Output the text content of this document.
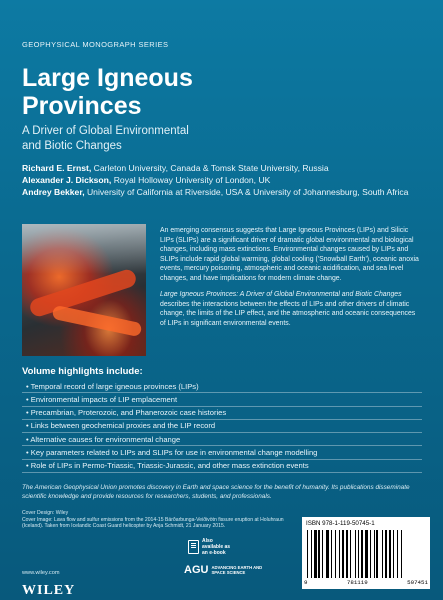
GEOPHYSICAL MONOGRAPH SERIES
Large Igneous
Provinces
A Driver of Global Environmental
and Biotic Changes
Richard E. Ernst, Carleton University, Canada & Tomsk State University, Russia
Alexander J. Dickson, Royal Holloway University of London, UK
Andrey Bekker, University of California at Riverside, USA & University of Johannesburg, South Africa

An emerging consensus suggests that Large Igneous Provinces (LIPs) and Silicic LIPs (SLIPs) are a significant driver of dramatic global environmental and biological changes, including mass extinctions. Environmental changes caused by LIPs and SLIPs include rapid global warming, global cooling ('Snowball Earth'), oceanic anoxia events, mercury poisoning, atmospheric and oceanic acidification, and sea level changes, and have implications for modern climate change.

Large Igneous Provinces: A Driver of Global Environmental and Biotic Changes describes the interactions between the effects of LIPs and other drivers of climatic change, the limits of the LIP effect, and the atmospheric and oceanic consequences of LIPs in significant environmental events.

Volume highlights include:
• Temporal record of large igneous provinces (LIPs)
• Environmental impacts of LIP emplacement
• Precambrian, Proterozoic, and Phanerozoic case histories
• Links between geochemical proxies and the LIP record
• Alternative causes for environmental change
• Key parameters related to LIPs and SLIPs for use in environmental change modelling
• Role of LIPs in Permo-Triassic, Triassic-Jurassic, and other mass extinction events
The American Geophysical Union promotes discovery in Earth and space science for the benefit of humanity. Its publications disseminate scientific knowledge and provide resources for researchers, students, and professionals.
Cover Design: Wiley
Cover Image: Lava flow and sulfur emissions from the 2014-15 Bárðarbunga-Veiðivötn fissure eruption at Holuhraun (Iceland). Taken from Icelandic Coast Guard helicopter by Anja Schmidt, 21 January 2015.
Also available as an e-book
AGU ADVANCING EARTH AND SPACE SCIENCE
www.wiley.com
WILEY
ISBN 978-1-119-50745-1
9	781119	507451
